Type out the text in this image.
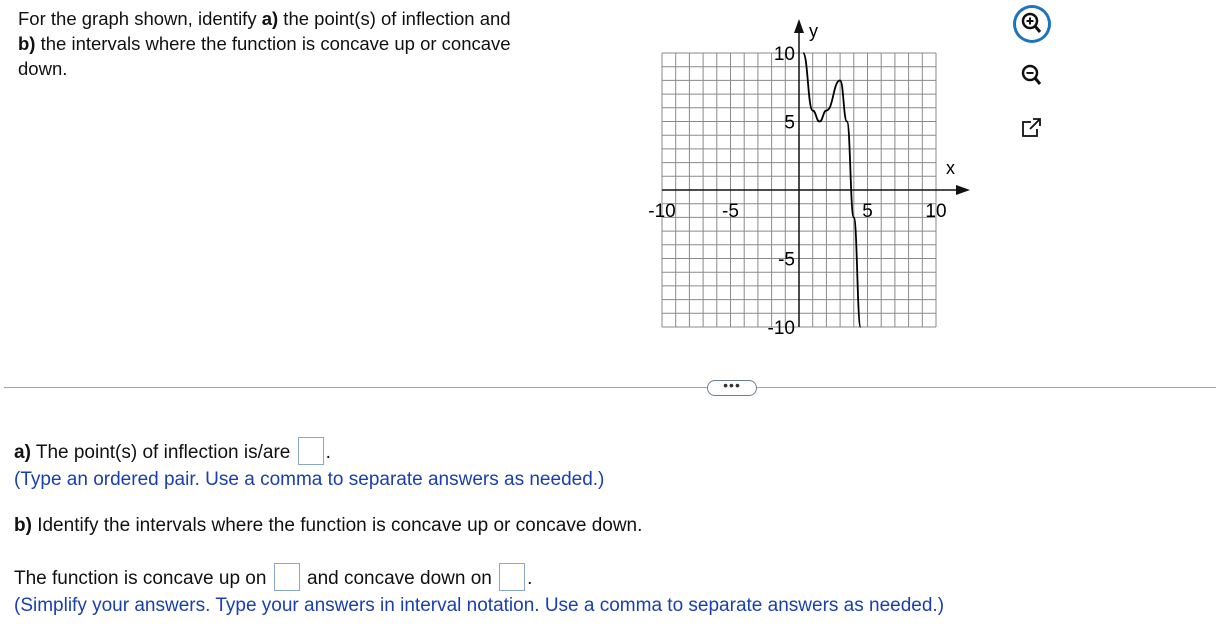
For the graph shown, identify a) the point(s) of inflection and
b) the intervals where the function is concave up or concave
down.
x
y
-10 -5	5	10
10
5
-5
-10
•••
a) The point(s) of inflection is/are .
(Type an ordered pair. Use a comma to separate answers as needed.)
b) Identify the intervals where the function is concave up or concave down.
The function is concave up on and concave down on .
(Simplify your answers. Type your answers in interval notation. Use a comma to separate answers as needed.)
